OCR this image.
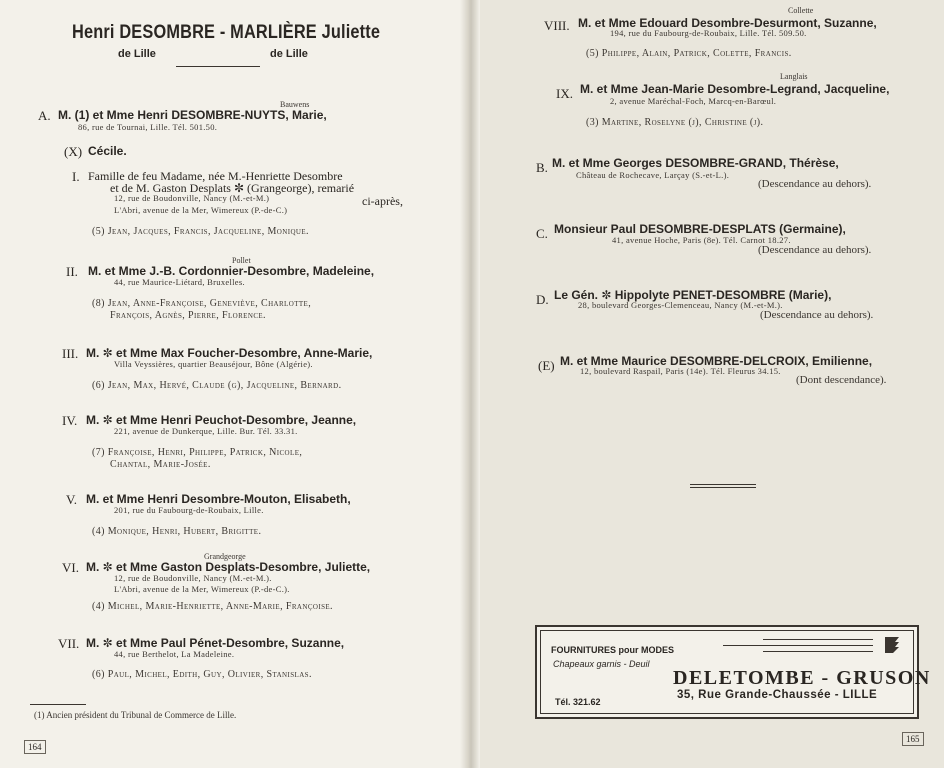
Henri DESOMBRE - MARLIÈRE Juliette
de Lille	de Lille
Bauwens
A. M. (1) et Mme Henri DESOMBRE-NUYTS, Marie,
86, rue de Tournai, Lille. Tél. 501.50.
(X) Cécile.
I. Famille de feu Madame, née M.-Henriette Desombre
et de M. Gaston Desplats ✼ (Grangeorge), remarié
ci-après,
12, rue de Boudonville, Nancy (M.-et-M.)
L'Abri, avenue de la Mer, Wimereux (P.-de-C.)
(5) Jean, Jacques, Francis, Jacqueline, Monique.
Pollet
II. M. et Mme J.-B. Cordonnier-Desombre, Madeleine,
44, rue Maurice-Liétard, Bruxelles.
(8) Jean, Anne-Françoise, Geneviève, Charlotte,
François, Agnès, Pierre, Florence.
III. M. ✼ et Mme Max Foucher-Desombre, Anne-Marie,
Villa Veyssières, quartier Beauséjour, Bône (Algérie).
(6) Jean, Max, Hervé, Claude (g), Jacqueline, Bernard.
IV. M. ✼ et Mme Henri Peuchot-Desombre, Jeanne,
221, avenue de Dunkerque, Lille. Bur. Tél. 33.31.
(7) Françoise, Henri, Philippe, Patrick, Nicole,
Chantal, Marie-Josée.
V. M. et Mme Henri Desombre-Mouton, Elisabeth,
201, rue du Faubourg-de-Roubaix, Lille.
(4) Monique, Henri, Hubert, Brigitte.
Grandgeorge
VI. M. ✼ et Mme Gaston Desplats-Desombre, Juliette,
12, rue de Boudonville, Nancy (M.-et-M.).
L'Abri, avenue de la Mer, Wimereux (P.-de-C.).
(4) Michel, Marie-Henriette, Anne-Marie, Françoise.
VII. M. ✼ et Mme Paul Pénet-Desombre, Suzanne,
44, rue Berthelot, La Madeleine.
(6) Paul, Michel, Edith, Guy, Olivier, Stanislas.
(1) Ancien président du Tribunal de Commerce de Lille.
164
Collette
VIII. M. et Mme Edouard Desombre-Desurmont, Suzanne,
194, rue du Faubourg-de-Roubaix, Lille. Tél. 509.50.
(5) Philippe, Alain, Patrick, Colette, Francis.
Langlais
IX. M. et Mme Jean-Marie Desombre-Legrand, Jacqueline,
2, avenue Maréchal-Foch, Marcq-en-Barœul.
(3) Martine, Roselyne (j), Christine (j).
B. M. et Mme Georges DESOMBRE-GRAND, Thérèse,
Château de Rochecave, Larçay (S.-et-L.).
(Descendance au dehors).
C. Monsieur Paul DESOMBRE-DESPLATS (Germaine),
41, avenue Hoche, Paris (8e). Tél. Carnot 18.27.
(Descendance au dehors).
D. Le Gén. ✼ Hippolyte PENET-DESOMBRE (Marie),
28, boulevard Georges-Clemenceau, Nancy (M.-et-M.).
(Descendance au dehors).
(E) M. et Mme Maurice DESOMBRE-DELCROIX, Emilienne,
12, boulevard Raspail, Paris (14e). Tél. Fleurus 34.15.
(Dont descendance).
FOURNITURES pour MODES
Chapeaux garnis - Deuil
Tél. 321.62
DELETOMBE - GRUSON
35, Rue Grande-Chaussée - LILLE
165
